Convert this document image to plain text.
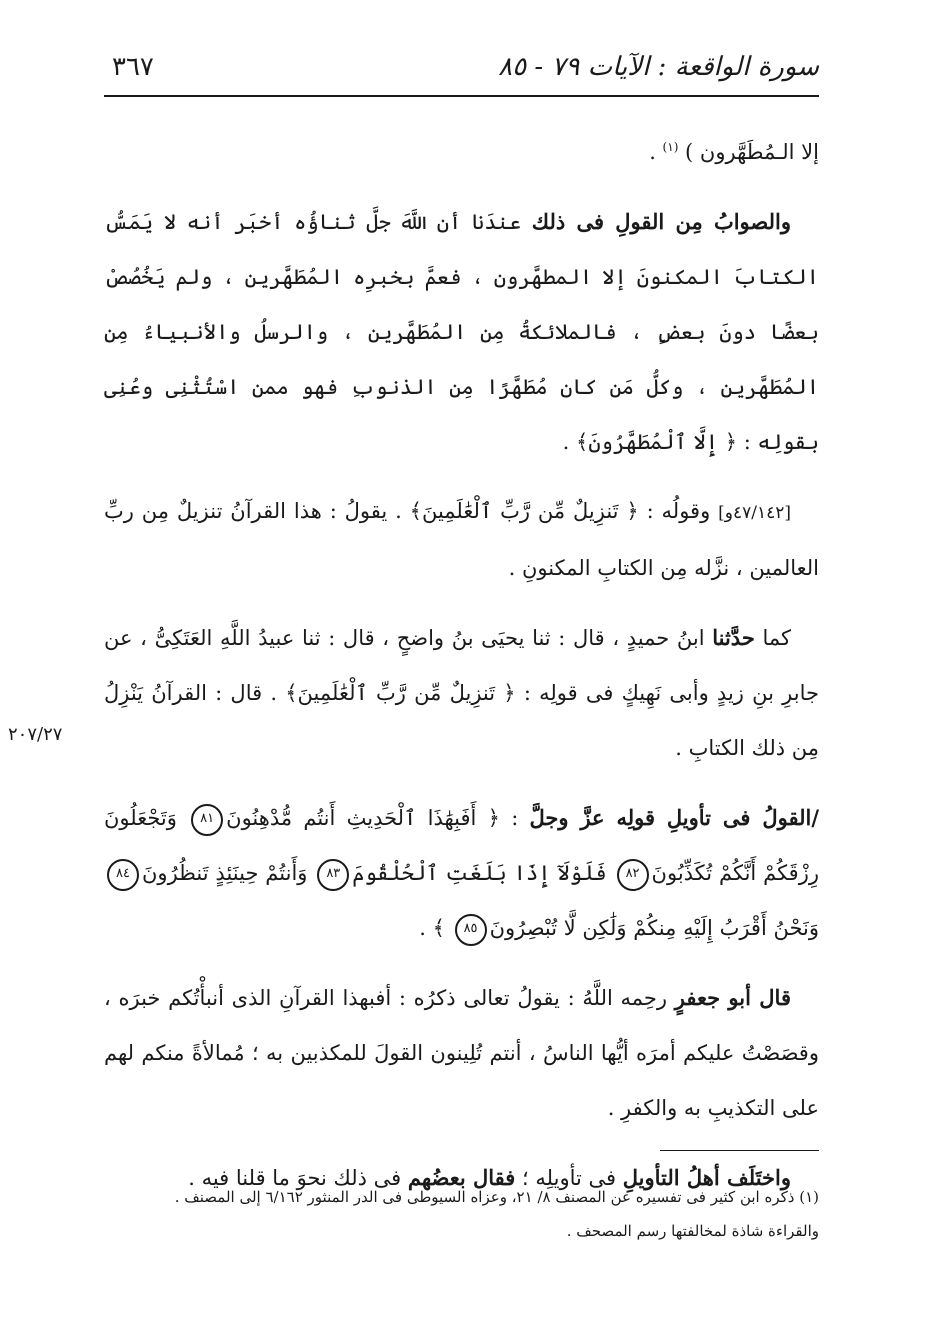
سورة الواقعة : الآيات ٧٩ - ٨٥
٣٦٧
٢٠٧/٢٧

إلا الـمُطَهَّرون ) $^{(١)}$ .

والصوابُ مِن القولِ فى ذلك عندَنا أن اللَّهَ جلَّ ثناؤُه أخبَر أنه لا يَمَسُّ الكتابَ المكنونَ إلا المطهَّرون ، فعمَّ بخبرِه المُطَهَّرين ، ولم يَخُصُصْ بعضًا دونَ بعضٍ ، فالملائكةُ مِن المُطَهَّرين ، والرسلُ والأنبياءُ مِن المُطَهَّرين ، وكلُّ مَن كان مُطَهَّرًا مِن الذنوبِ فهو ممن اسْتُثْنِى وعُنِى بقولِه : ﴿ إِلَّا ٱلْمُطَهَّرُونَ﴾ .

[٤٧/١٤٢و] وقولُه : ﴿ تَنزِيلٌ مِّن رَّبِّ ٱلْعَٰلَمِينَ﴾ . يقولُ : هذا القرآنُ تنزيلٌ مِن ربِّ العالمين ، نزَّله مِن الكتابِ المكنونِ .

كما حدَّثنا ابنُ حميدٍ ، قال : ثنا يحيَى بنُ واضحٍ ، قال : ثنا عبيدُ اللَّهِ العَتَكِىُّ ، عن جابرِ بنِ زيدٍ وأبى نَهِيكٍ فى قولِه : ﴿ تَنزِيلٌ مِّن رَّبِّ ٱلْعَٰلَمِينَ﴾ . قال : القرآنُ يَنْزِلُ مِن ذلك الكتابِ .

/القولُ فى تأويلِ قولِه عزَّ وجلَّ : ﴿ أَفَبِهَٰذَا ٱلْحَدِيثِ أَنتُم مُّدْهِنُونَ٨١ وَتَجْعَلُونَ رِزْقَكُمْ أَنَّكُمْ تُكَذِّبُونَ٨٢ فَلَوْلَآ إِذَا بَلَغَتِ ٱلْحُلْقُومَ٨٣ وَأَنتُمْ حِينَئِذٍ تَنظُرُونَ٨٤ وَنَحْنُ أَقْرَبُ إِلَيْهِ مِنكُمْ وَلَٰكِن لَّا تُبْصِرُونَ٨٥ ﴾ .

قال أبو جعفرٍ رحِمه اللَّهُ : يقولُ تعالى ذكرُه : أفبهذا القرآنِ الذى أنبأْتُكم خبرَه ، وقصَصْتُ عليكم أمرَه أيُّها الناسُ ، أنتم تُلِينون القولَ للمكذبين به ؛ مُمالأةً منكم لهم على التكذيبِ به والكفرِ .

واختَلَف أهلُ التأويلِ فى تأويلِه ؛ فقال بعضُهم فى ذلك نحوَ ما قلنا فيه .

(١) ذكره ابن كثير فى تفسيره عن المصنف ٨/ ٢١، وعزاه السيوطى فى الدر المنثور ٦/١٦٢ إلى المصنف .

والقراءة شاذة لمخالفتها رسم المصحف .
